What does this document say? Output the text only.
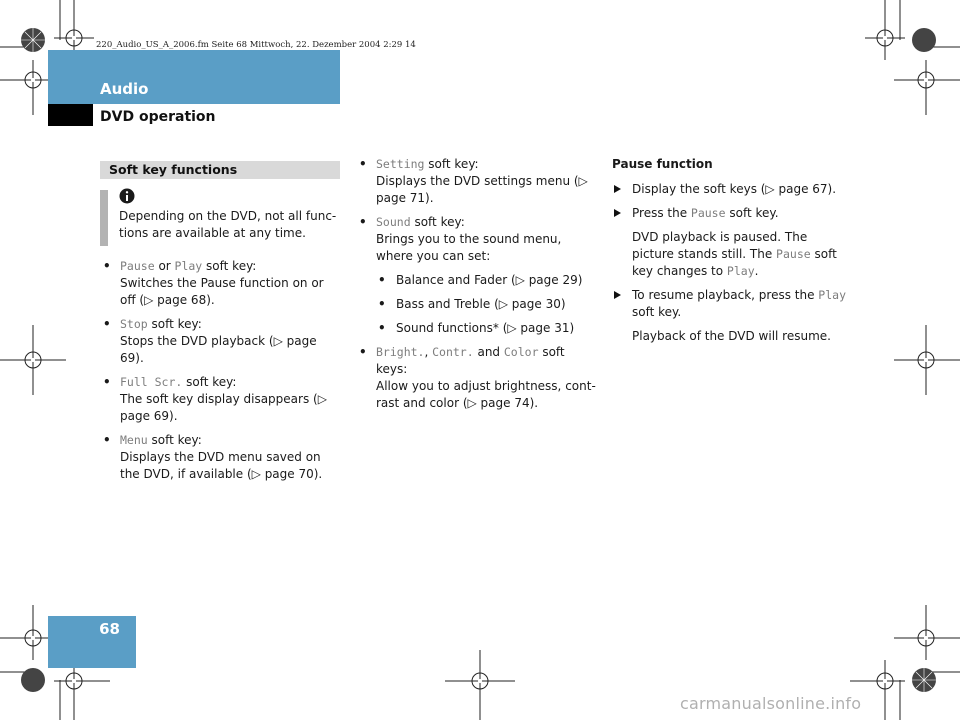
220_Audio_US_A_2006.fm Seite 68 Mittwoch, 22. Dezember 2004 2:29 14
Audio
DVD operation
Soft key functions
Depending on the DVD, not all func-tions are available at any time.
• Pause or Play soft key:
Switches the Pause function on or off (▷ page 68).
• Stop soft key:
Stops the DVD playback (▷ page 69).
• Full Scr. soft key:
The soft key display disappears (▷ page 69).
• Menu soft key:
Displays the DVD menu saved on the DVD, if available (▷ page 70).
• Setting soft key:
Displays the DVD settings menu (▷ page 71).
• Sound soft key:
Brings you to the sound menu, where you can set:
• Balance and Fader (▷ page 29)
• Bass and Treble (▷ page 30)
• Sound functions* (▷ page 31)
• Bright., Contr. and Color soft keys:
Allow you to adjust brightness, cont-rast and color (▷ page 74).
Pause function
Display the soft keys (▷ page 67).
Press the Pause soft key.
DVD playback is paused. The picture stands still. The Pause soft key changes to Play.
To resume playback, press the Play soft key.
Playback of the DVD will resume.
68
carmanualsonline.info
